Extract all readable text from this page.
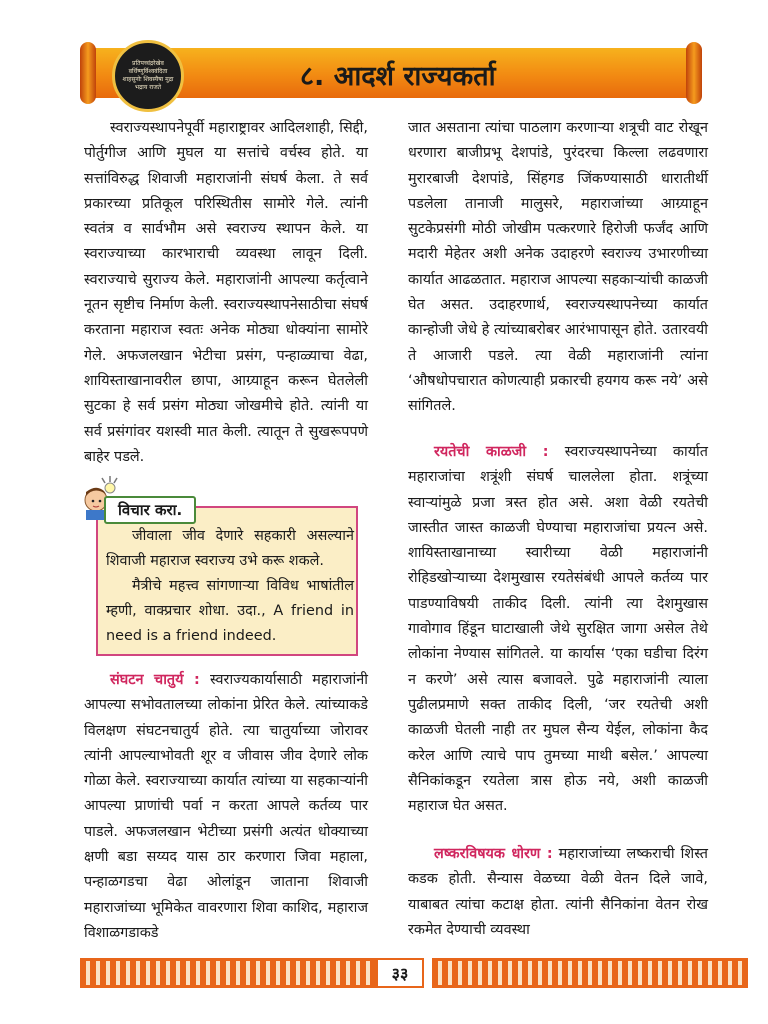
प्रतिपच्चंद्ररेखेव वर्धिष्णुर्विश्ववंदिता शाहसूनोः शिवस्यैषा मुद्रा भद्राय राजते	८. आदर्श राज्यकर्ता

स्वराज्यस्थापनेपूर्वी महाराष्ट्रावर आदिलशाही, सिद्दी, पोर्तुगीज आणि मुघल या सत्तांचे वर्चस्व होते. या सत्तांविरुद्ध शिवाजी महाराजांनी संघर्ष केला. ते सर्व प्रकारच्या प्रतिकूल परिस्थितीस सामोरे गेले. त्यांनी स्वतंत्र व सार्वभौम असे स्वराज्य स्थापन केले. या स्वराज्याच्या कारभाराची व्यवस्था लावून दिली. स्वराज्याचे सुराज्य केले. महाराजांनी आपल्या कर्तृत्वाने नूतन सृष्टीच निर्माण केली. स्वराज्यस्थापनेसाठीचा संघर्ष करताना महाराज स्वतः अनेक मोठ्या धोक्यांना सामोरे गेले. अफजलखान भेटीचा प्रसंग, पन्हाळ्याचा वेढा, शायिस्ताखानावरील छापा, आग्र्याहून करून घेतलेली सुटका हे सर्व प्रसंग मोठ्या जोखमीचे होते. त्यांनी या सर्व प्रसंगांवर यशस्वी मात केली. त्यातून ते सुखरूपपणे बाहेर पडले.

विचार करा.

जीवाला जीव देणारे सहकारी असल्याने शिवाजी महाराज स्वराज्य उभे करू शकले.

मैत्रीचे महत्त्व सांगणाऱ्या विविध भाषांतील म्हणी, वाक्प्रचार शोधा. उदा., A friend in need is a friend indeed.

संघटन चातुर्य : स्वराज्यकार्यासाठी महाराजांनी आपल्या सभोवतालच्या लोकांना प्रेरित केले. त्यांच्याकडे विलक्षण संघटनचातुर्य होते. त्या चातुर्याच्या जोरावर त्यांनी आपल्याभोवती शूर व जीवास जीव देणारे लोक गोळा केले. स्वराज्याच्या कार्यात त्यांच्या या सहकाऱ्यांनी आपल्या प्राणांची पर्वा न करता आपले कर्तव्य पार पाडले. अफजलखान भेटीच्या प्रसंगी अत्यंत धोक्याच्या क्षणी बडा सय्यद यास ठार करणारा जिवा महाला, पन्हाळगडचा वेढा ओलांडून जाताना शिवाजी महाराजांच्या भूमिकेत वावरणारा शिवा काशिद, महाराज विशाळगडाकडे

जात असताना त्यांचा पाठलाग करणाऱ्या शत्रूची वाट रोखून धरणारा बाजीप्रभू देशपांडे, पुरंदरचा किल्ला लढवणारा मुरारबाजी देशपांडे, सिंहगड जिंकण्यासाठी धारातीर्थी पडलेला तानाजी मालुसरे, महाराजांच्या आग्र्याहून सुटकेप्रसंगी मोठी जोखीम पत्करणारे हिरोजी फर्जंद आणि मदारी मेहेतर अशी अनेक उदाहरणे स्वराज्य उभारणीच्या कार्यात आढळतात. महाराज आपल्या सहकाऱ्यांची काळजी घेत असत. उदाहरणार्थ, स्वराज्यस्थापनेच्या कार्यात कान्होजी जेधे हे त्यांच्याबरोबर आरंभापासून होते. उतारवयी ते आजारी पडले. त्या वेळी महाराजांनी त्यांना ‘औषधोपचारात कोणत्याही प्रकारची हयगय करू नये’ असे सांगितले.

रयतेची काळजी : स्वराज्यस्थापनेच्या कार्यात महाराजांचा शत्रूंशी संघर्ष चाललेला होता. शत्रूंच्या स्वाऱ्यांमुळे प्रजा त्रस्त होत असे. अशा वेळी रयतेची जास्तीत जास्त काळजी घेण्याचा महाराजांचा प्रयत्न असे. शायिस्ताखानाच्या स्वारीच्या वेळी महाराजांनी रोहिडखोऱ्याच्या देशमुखास रयतेसंबंधी आपले कर्तव्य पार पाडण्याविषयी ताकीद दिली. त्यांनी त्या देशमुखास गावोगाव हिंडून घाटाखाली जेथे सुरक्षित जागा असेल तेथे लोकांना नेण्यास सांगितले. या कार्यास ‘एका घडीचा दिरंग न करणे’ असे त्यास बजावले. पुढे महाराजांनी त्याला पुढीलप्रमाणे सक्त ताकीद दिली, ‘जर रयतेची अशी काळजी घेतली नाही तर मुघल सैन्य येईल, लोकांना कैद करेल आणि त्याचे पाप तुमच्या माथी बसेल.’ आपल्या सैनिकांकडून रयतेला त्रास होऊ नये, अशी काळजी महाराज घेत असत.

लष्करविषयक धोरण : महाराजांच्या लष्कराची शिस्त कडक होती. सैन्यास वेळच्या वेळी वेतन दिले जावे, याबाबत त्यांचा कटाक्ष होता. त्यांनी सैनिकांना वेतन रोख रकमेत देण्याची व्यवस्था

३३
